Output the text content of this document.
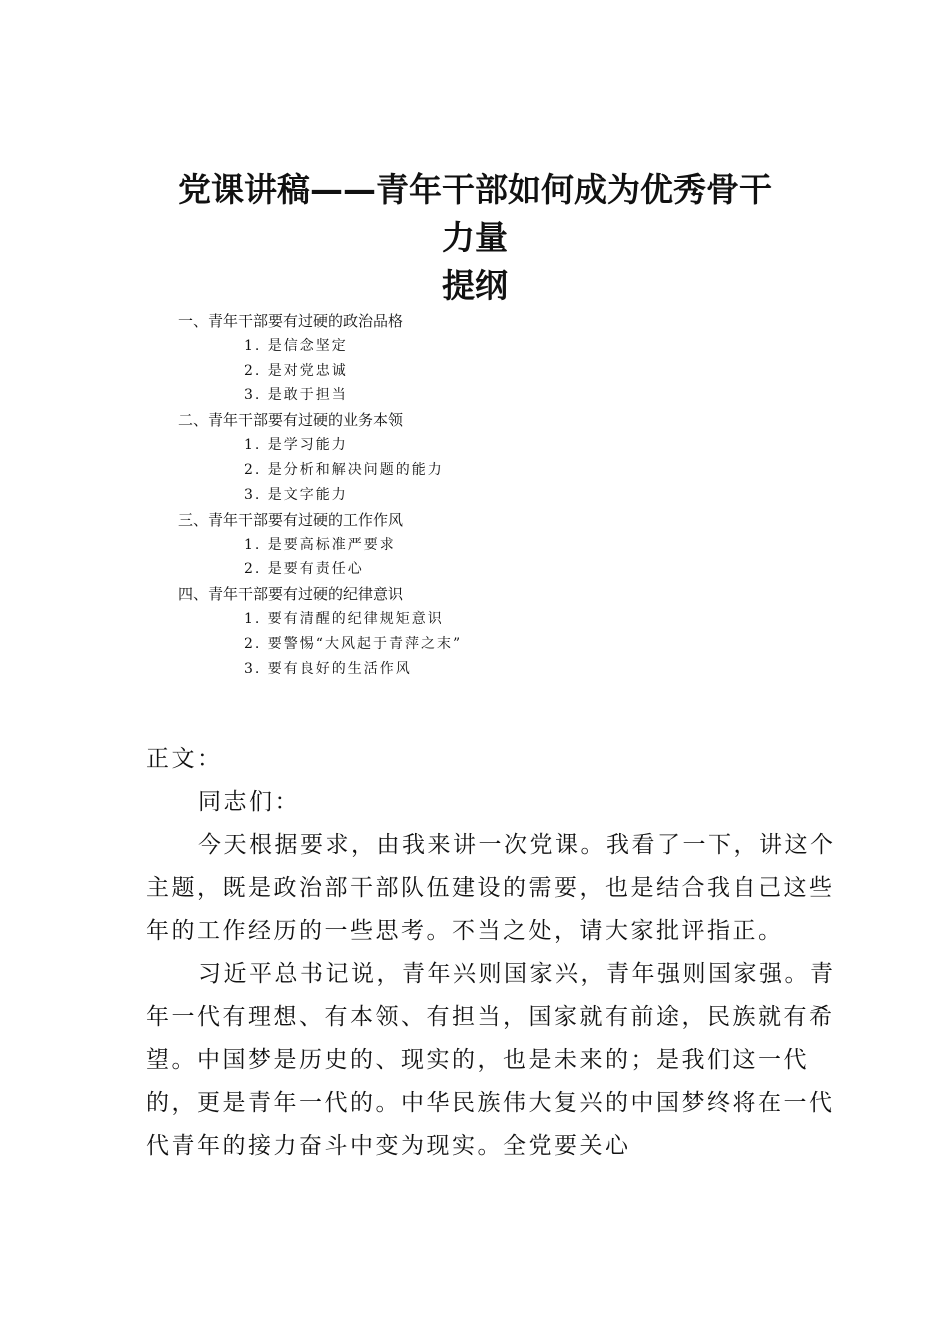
党课讲稿——青年干部如何成为优秀骨干
力量
提纲
一、青年干部要有过硬的政治品格
1. 是信念坚定
2. 是对党忠诚
3. 是敢于担当
二、青年干部要有过硬的业务本领
1. 是学习能力
2. 是分析和解决问题的能力
3. 是文字能力
三、青年干部要有过硬的工作作风
1. 是要高标准严要求
2. 是要有责任心
四、青年干部要有过硬的纪律意识
1. 要有清醒的纪律规矩意识
2. 要警惕“大风起于青萍之末”
3. 要有良好的生活作风

正文：

同志们：

今天根据要求，由我来讲一次党课。我看了一下，讲这个主题，既是政治部干部队伍建设的需要，也是结合我自己这些年的工作经历的一些思考。不当之处，请大家批评指正。

习近平总书记说，青年兴则国家兴，青年强则国家强。青年一代有理想、有本领、有担当，国家就有前途，民族就有希望。中国梦是历史的、现实的，也是未来的；是我们这一代的，更是青年一代的。中华民族伟大复兴的中国梦终将在一代代青年的接力奋斗中变为现实。全党要关心
